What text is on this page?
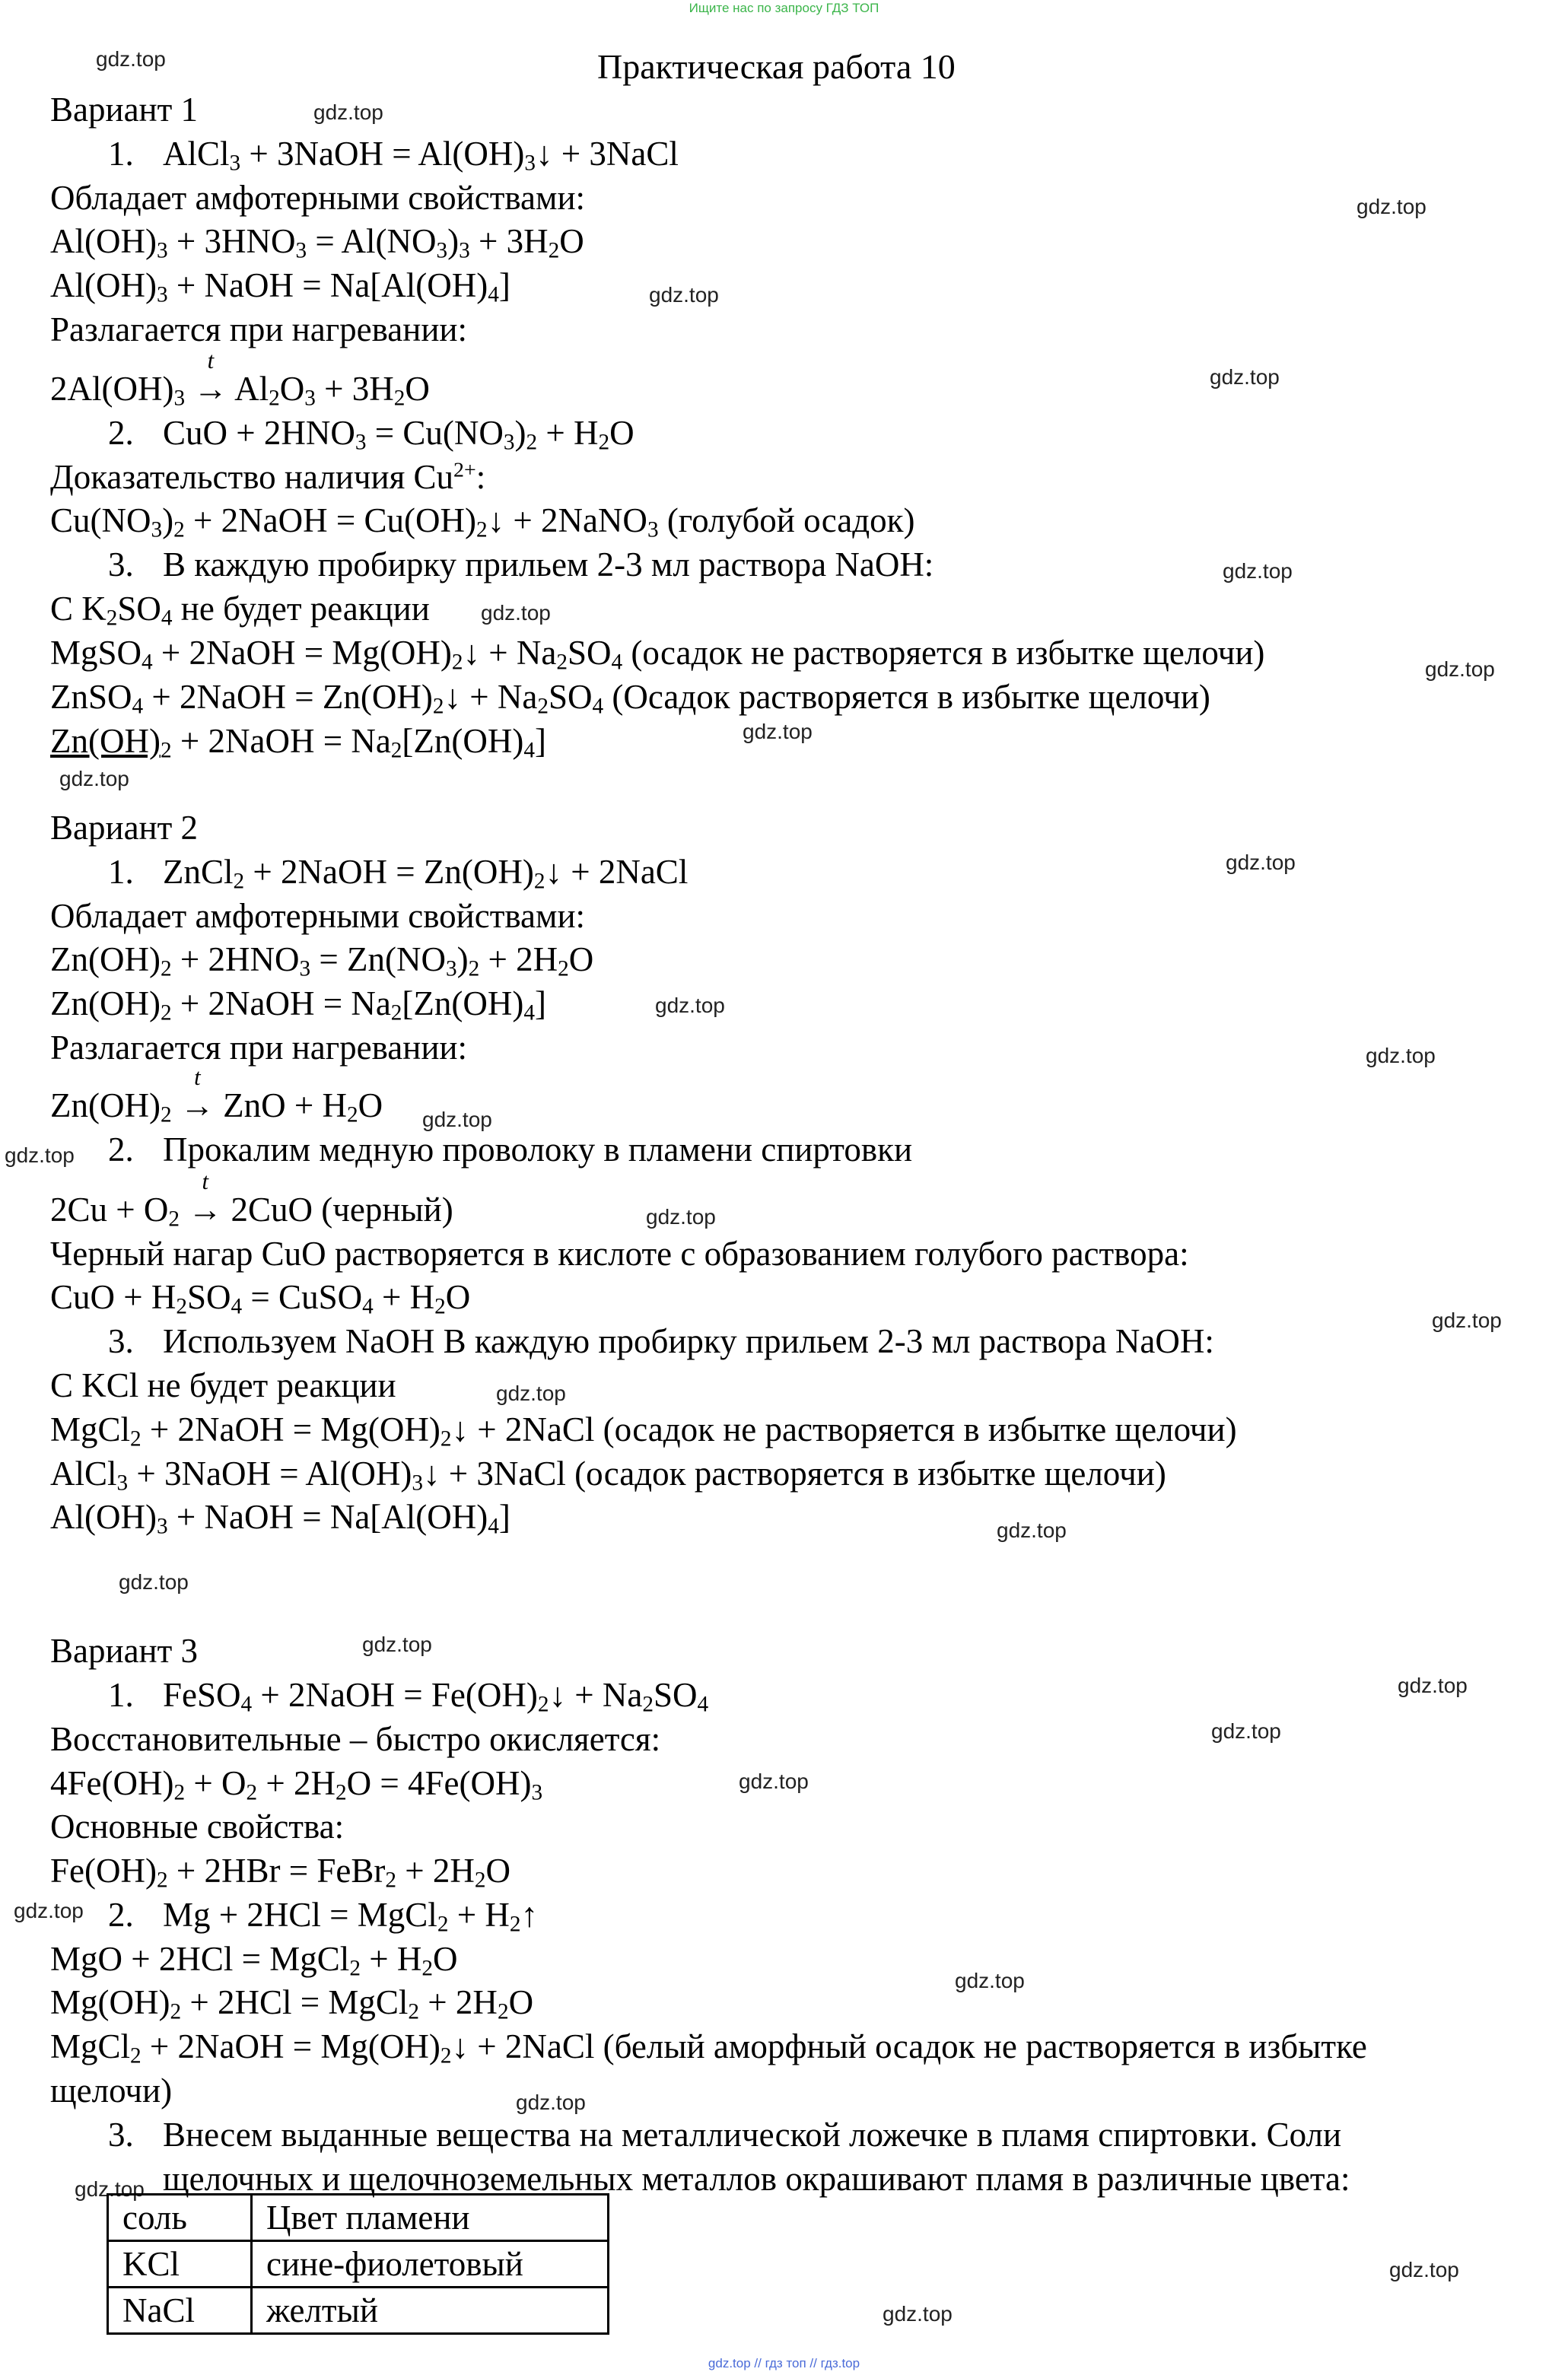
Ищите нас по запросу ГДЗ ТОП
gdz.top
gdz.top
gdz.top
gdz.top
gdz.top
gdz.top
gdz.top
gdz.top
gdz.top
gdz.top
gdz.top
gdz.top
gdz.top
gdz.top
gdz.top
gdz.top
gdz.top
gdz.top
gdz.top
gdz.top
gdz.top
gdz.top
gdz.top
gdz.top
gdz.top
gdz.top
gdz.top
gdz.top
gdz.top
gdz.top
Практическая работа 10
Вариант 1
1. AlCl$_3$ + 3NaOH = $Al(OH)_3↓$ + 3NaCl
Обладает амфотерными свойствами:
$Al(OH)_3 + 3HNO_3 = Al(NO_3)_3 + 3H_2O$
$Al(OH)_3$ + NaOH = $Na[Al(OH)_4]$
Разлагается при нагревании:
$2Al(OH)_3$
t
→ $Al_2O_3 + 3H_2O$
2. CuO + $2HNO_3 = Cu(NO_3)_2 + H_2O$
Доказательство наличия $Cu^{2+}$:
$Cu(NO_3)_2$ + 2NaOH = $Cu(OH)_2↓$ + 2NaNO$_3$ (голубой осадок)
3. В каждую пробирку прильем 2-3 мл раствора NaOH:
С $K_2SO_4$ не будет реакции
MgSO$_4$ + 2NaOH = $Mg(OH)_2↓ + Na_2SO_4$ (осадок не растворяется в избытке щелочи)
ZnSO$_4$ + 2NaOH = $Zn(OH)_2↓ + Na_2SO_4$ (Осадок растворяется в избытке щелочи)
$Zn(OH)_2$ + 2NaOH = $Na_2[Zn(OH)_4]$
Вариант 2
1. ZnCl$_2$ + 2NaOH = $Zn(OH)_2↓$ + 2NaCl
Обладает амфотерными свойствами:
$Zn(OH)_2 + 2HNO_3 = Zn(NO_3)_2 + 2H_2O$
$Zn(OH)_2$ + 2NaOH = $Na_2[Zn(OH)_4]$
Разлагается при нагревании:
$Zn(OH)_2$
t
→ ZnO + $H_2O$
2. Прокалим медную проволоку в пламени спиртовки
$2Cu + O_2$
t
→ 2CuO (черный)
Черный нагар CuO растворяется в кислоте с образованием голубого раствора:
CuO + $H_2SO_4$ = CuSO$_4$ + $H_2O$
3. Используем NaOH В каждую пробирку прильем 2-3 мл раствора NaOH:
С KCl не будет реакции
MgCl$_2$ + 2NaOH = $Mg(OH)_2↓$ + 2NaCl (осадок не растворяется в избытке щелочи)
AlCl$_3$ + 3NaOH = $Al(OH)_3↓$ + 3NaCl (осадок растворяется в избытке щелочи)
$Al(OH)_3$ + NaOH = $Na[Al(OH)_4]$
Вариант 3
1. FeSO$_4$ + 2NaOH = $Fe(OH)_2↓ + Na_2SO_4$
Восстановительные – быстро окисляется:
$4Fe(OH)_2 + O_2 + 2H_2O = 4Fe(OH)_3$
Основные свойства:
$Fe(OH)_2 + 2HBr$ = FeBr$_2$ + $2H_2O$
2. Mg + 2HCl = MgCl$_2$ + $H_2↑$
MgO + 2HCl = MgCl$_2$ + $H_2O$
$Mg(OH)_2 + 2HCl$ = MgCl$_2$ + $2H_2O$
MgCl$_2$ + 2NaOH = $Mg(OH)_2↓$ + 2NaCl (белый аморфный осадок не растворяется в избытке
щелочи)
3. Внесем выданные вещества на металлической ложечке в пламя спиртовки. Соли
щелочных и щелочноземельных металлов окрашивают пламя в различные цвета:
соль	Цвет пламени
KCl	сине-фиолетовый
NaCl	желтый
gdz.top // гдз топ // гдз.top
